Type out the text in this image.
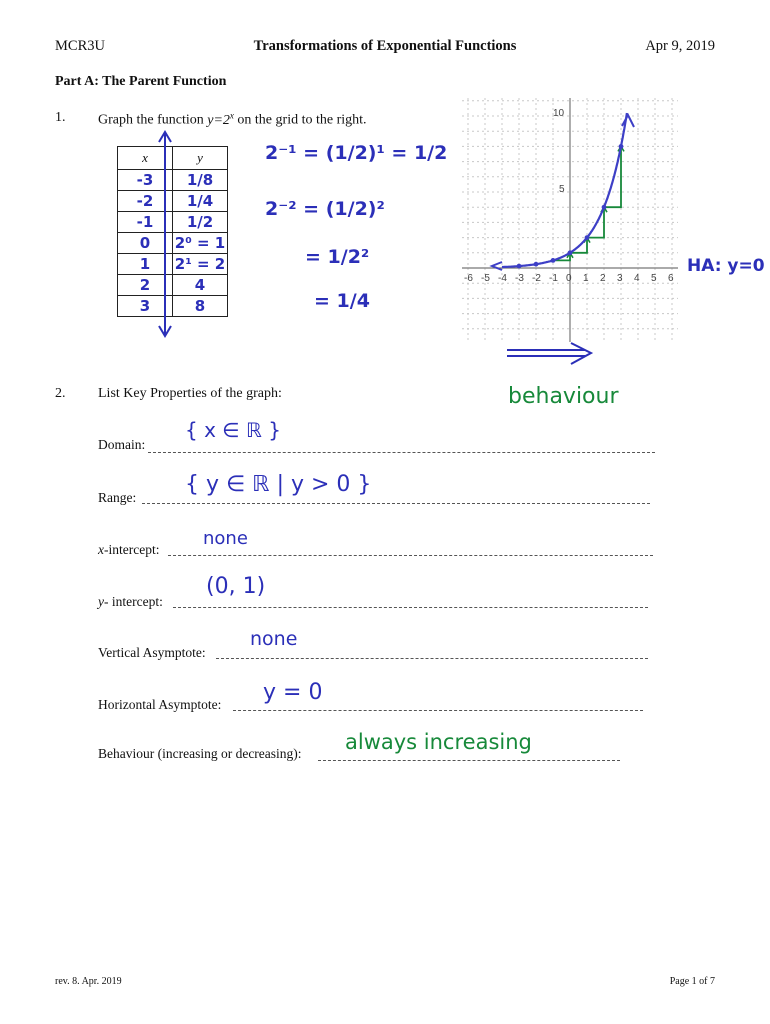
MCR3U	Transformations of Exponential Functions	Apr 9, 2019
Part A: The Parent Function
1. Graph the function $y=2^x$ on the grid to the right.
x	y
-3	1/8
-2	1/4
-1	1/2
0	2⁰ = 1
1	2¹ = 2
2	4
3	8
2⁻¹ = (1/2)¹ = 1/2
2⁻² = (1/2)²
= 1/2²
= 1/4
-6 -5 -4 -3 -2 -1 0 1 2 3 4 5 6
5
10
HA: y=0
behaviour
2. List Key Properties of the graph:
Domain:
{ x ∈ ℝ }
Range:
{ y ∈ ℝ | y > 0 }
x-intercept:
none
y- intercept:
(0, 1)
Vertical Asymptote:
none
Horizontal Asymptote: y = 0
Behaviour (increasing or decreasing): always increasing
rev. 8. Apr. 2019	Page 1 of 7
